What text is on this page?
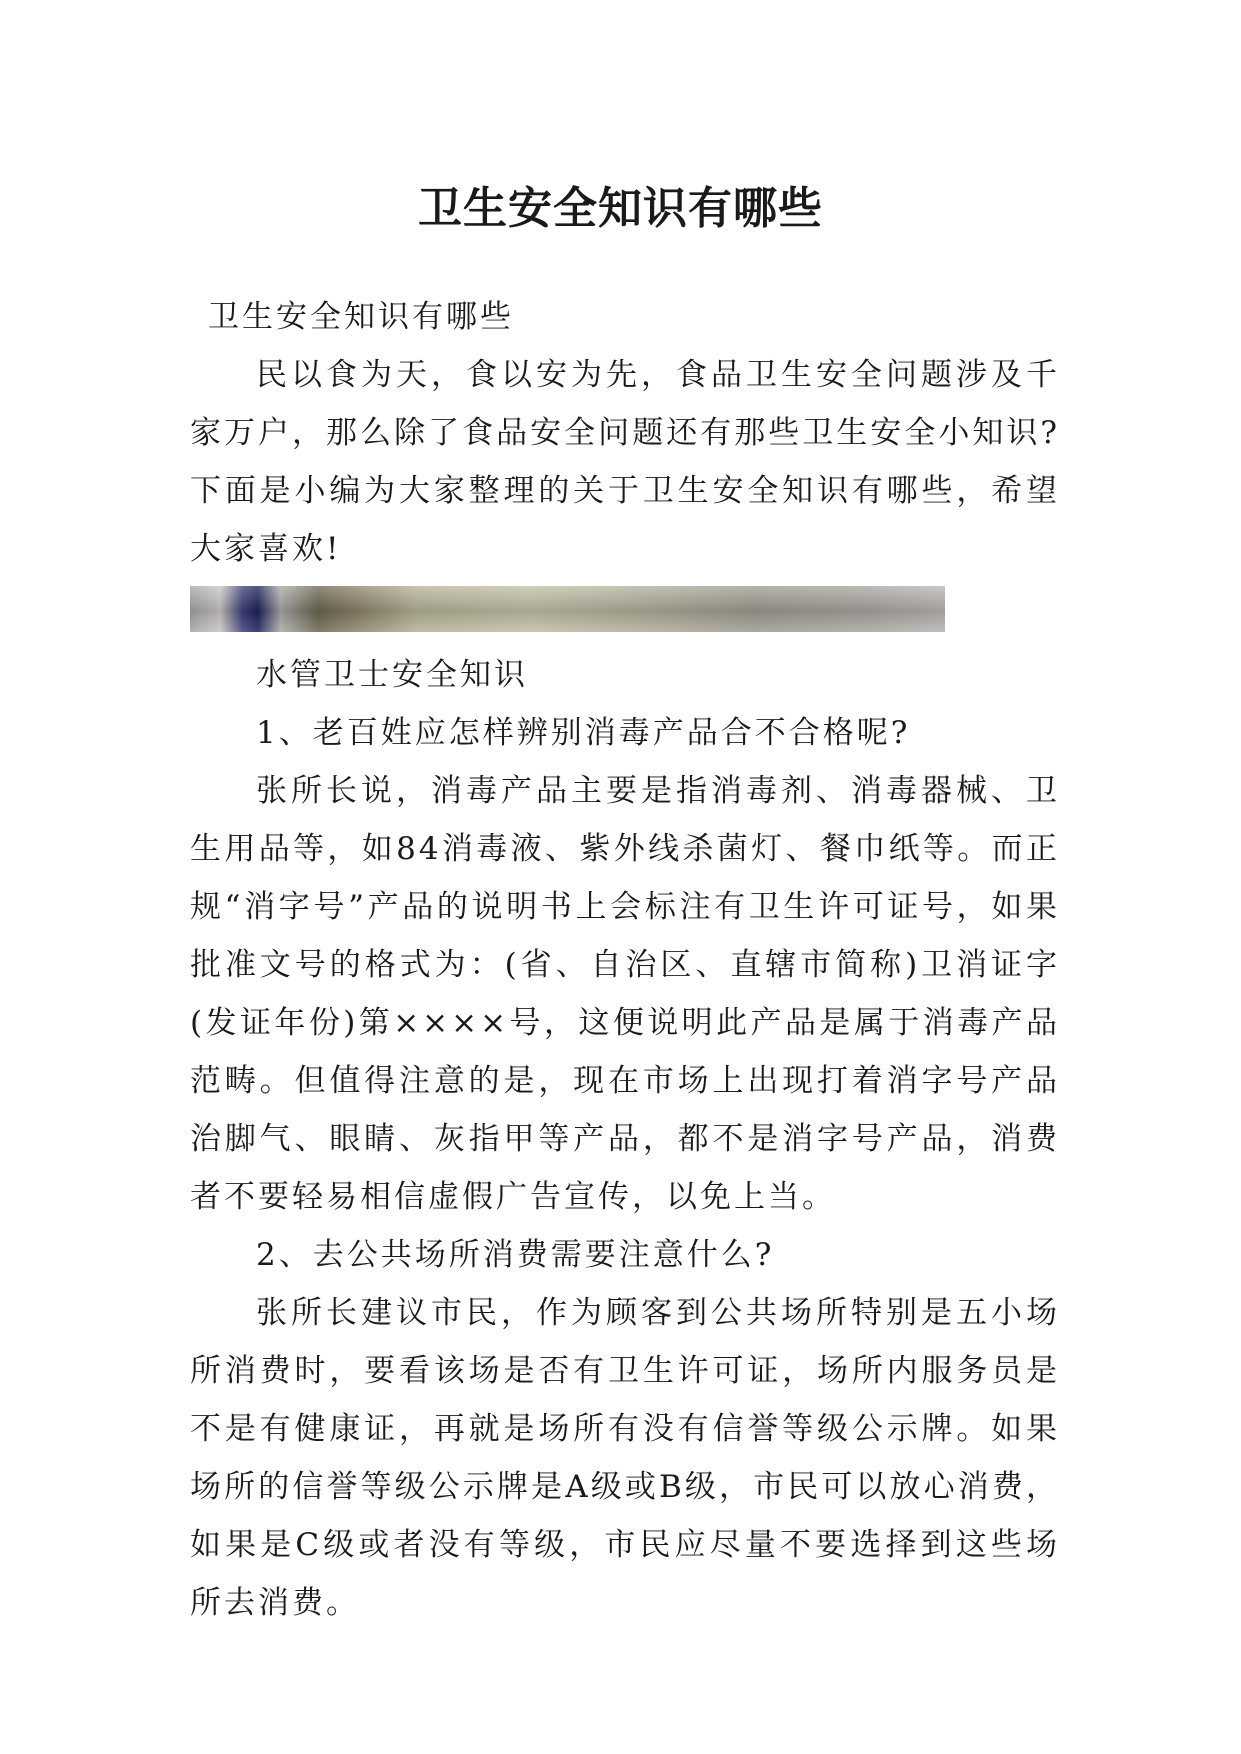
卫生安全知识有哪些

卫生安全知识有哪些

民以食为天，食以安为先，食品卫生安全问题涉及千家万户，那么除了食品安全问题还有那些卫生安全小知识?下面是小编为大家整理的关于卫生安全知识有哪些，希望大家喜欢!

水管卫士安全知识

1、老百姓应怎样辨别消毒产品合不合格呢?

张所长说，消毒产品主要是指消毒剂、消毒器械、卫生用品等，如84消毒液、紫外线杀菌灯、餐巾纸等。而正规“消字号”产品的说明书上会标注有卫生许可证号，如果批准文号的格式为：(省、自治区、直辖市简称)卫消证字(发证年份)第××××号，这便说明此产品是属于消毒产品范畴。但值得注意的是，现在市场上出现打着消字号产品治脚气、眼睛、灰指甲等产品，都不是消字号产品，消费者不要轻易相信虚假广告宣传，以免上当。

2、去公共场所消费需要注意什么?

张所长建议市民，作为顾客到公共场所特别是五小场所消费时，要看该场是否有卫生许可证，场所内服务员是不是有健康证，再就是场所有没有信誉等级公示牌。如果场所的信誉等级公示牌是A级或B级，市民可以放心消费，如果是C级或者没有等级，市民应尽量不要选择到这些场所去消费。
